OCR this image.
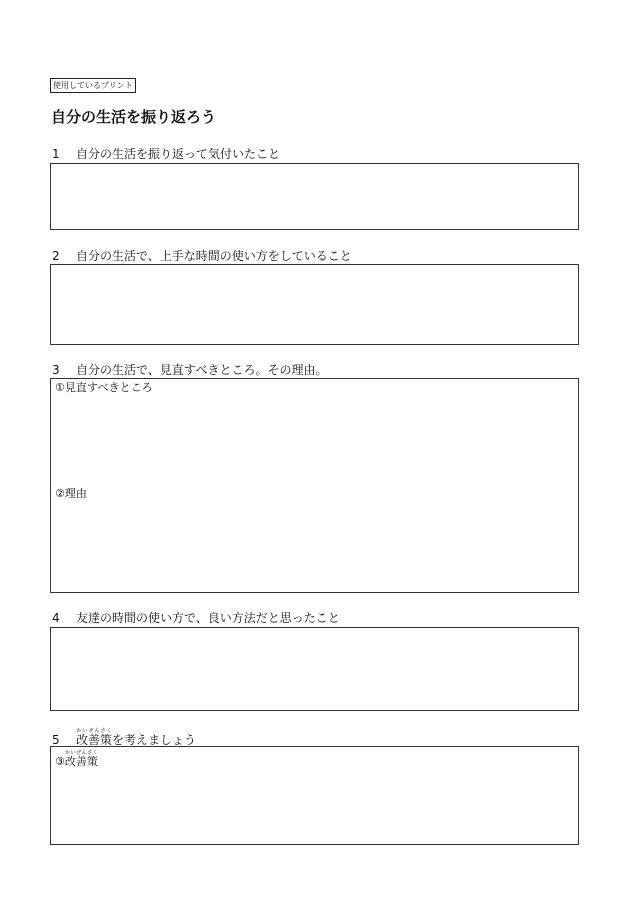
使用しているプリント
自分の生活を振り返ろう
1 自分の生活を振り返って気付いたこと
2 自分の生活で、上手な時間の使い方をしていること
3 自分の生活で、見直すべきところ。その理由。
①見直すべきところ
②理由
4 友達の時間の使い方で、良い方法だと思ったこと
5 改善策かいぜんさくを考えましょう
③改善策かいぜんさく
